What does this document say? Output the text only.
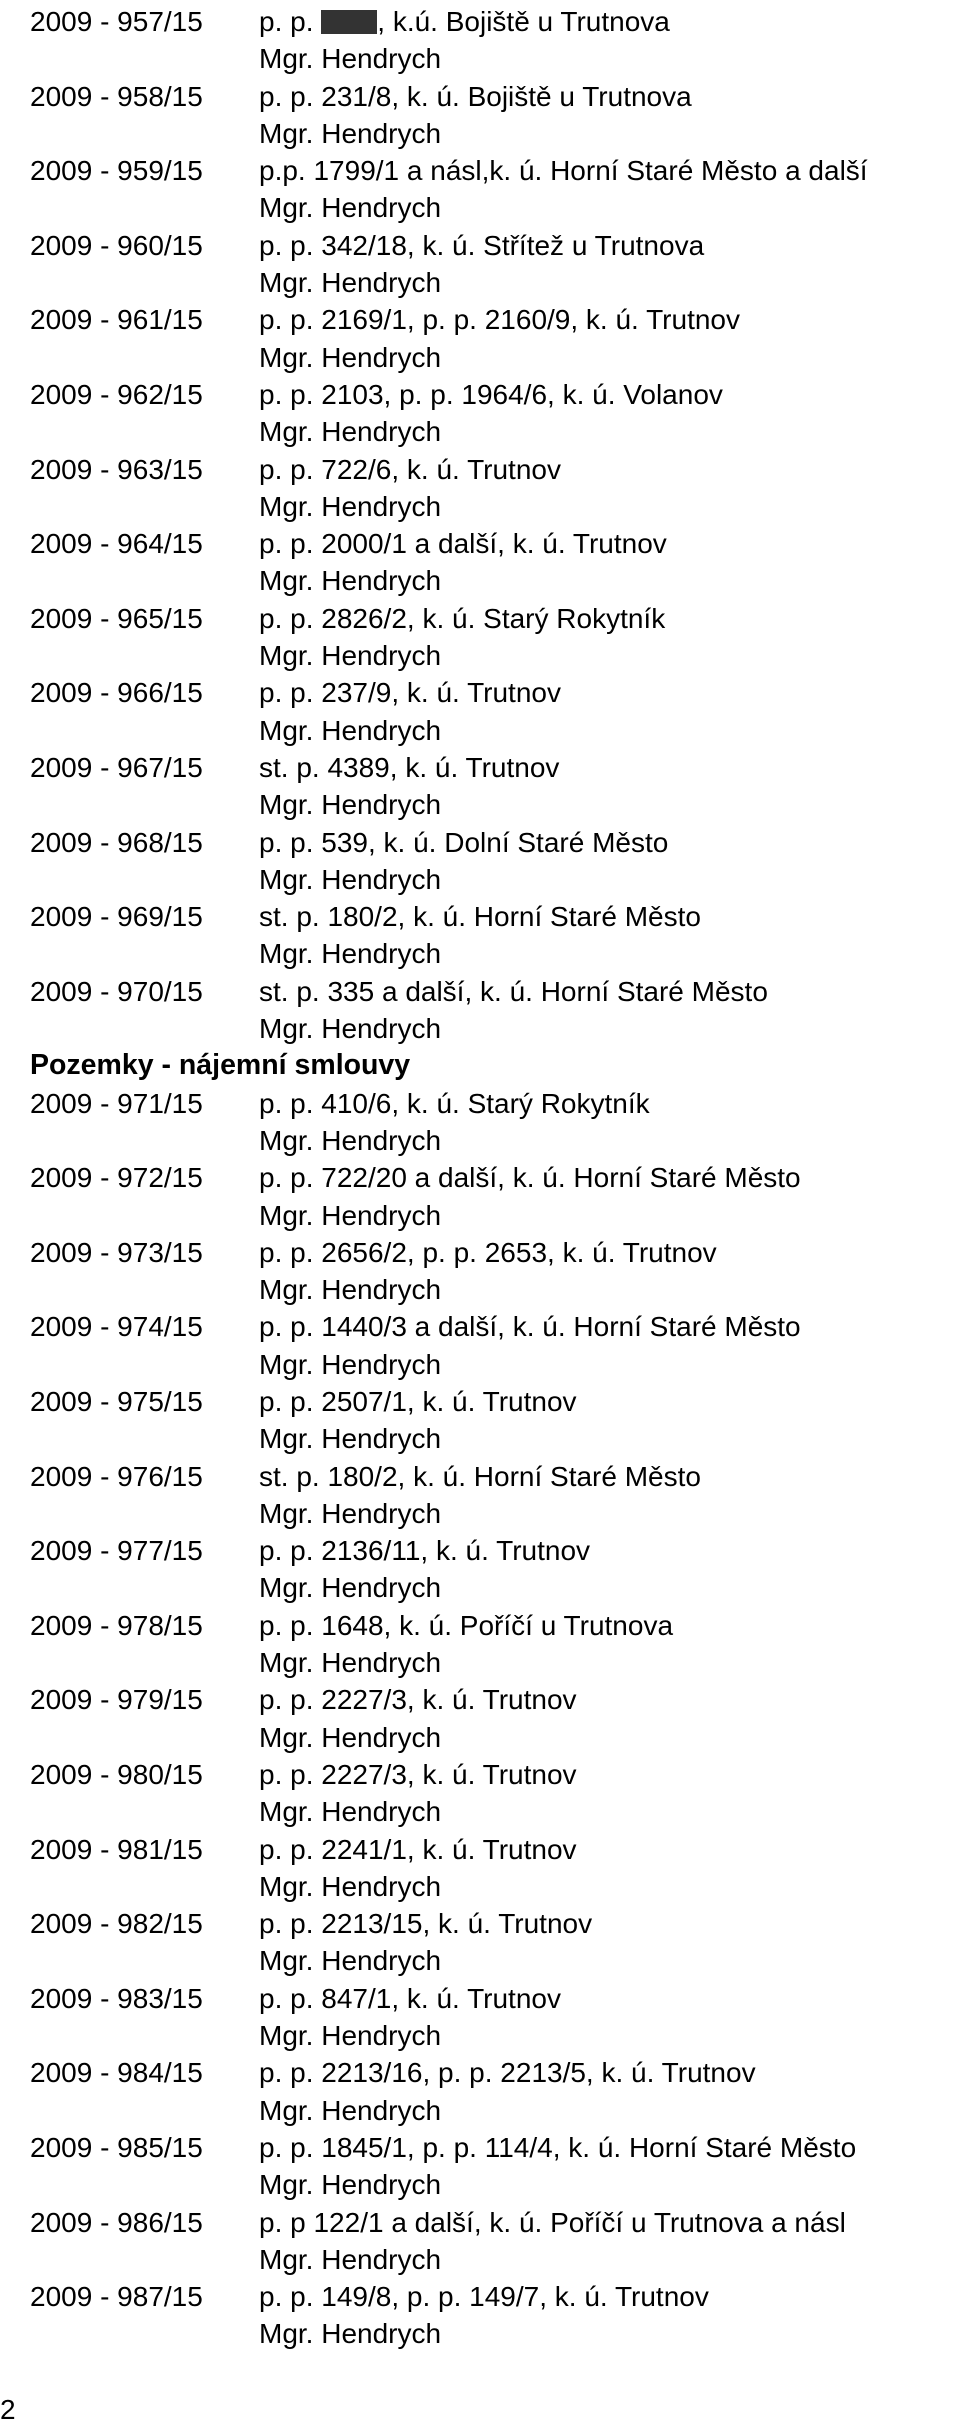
2009 - 957/15	p. p. , k.ú. Bojiště u Trutnova
Mgr. Hendrych
2009 - 958/15	p. p. 231/8, k. ú. Bojiště u Trutnova
Mgr. Hendrych
2009 - 959/15	p.p. 1799/1 a násl,k. ú. Horní Staré Město a další
Mgr. Hendrych
2009 - 960/15	p. p. 342/18, k. ú. Střítež u Trutnova
Mgr. Hendrych
2009 - 961/15	p. p. 2169/1, p. p. 2160/9, k. ú. Trutnov
Mgr. Hendrych
2009 - 962/15	p. p. 2103, p. p. 1964/6, k. ú. Volanov
Mgr. Hendrych
2009 - 963/15	p. p. 722/6, k. ú. Trutnov
Mgr. Hendrych
2009 - 964/15	p. p. 2000/1 a další, k. ú. Trutnov
Mgr. Hendrych
2009 - 965/15	p. p. 2826/2, k. ú. Starý Rokytník
Mgr. Hendrych
2009 - 966/15	p. p. 237/9, k. ú. Trutnov
Mgr. Hendrych
2009 - 967/15	st. p. 4389, k. ú. Trutnov
Mgr. Hendrych
2009 - 968/15	p. p. 539, k. ú. Dolní Staré Město
Mgr. Hendrych
2009 - 969/15	st. p. 180/2, k. ú. Horní Staré Město
Mgr. Hendrych
2009 - 970/15	st. p. 335 a další, k. ú. Horní Staré Město
Mgr. Hendrych
Pozemky - nájemní smlouvy
2009 - 971/15	p. p. 410/6, k. ú. Starý Rokytník
Mgr. Hendrych
2009 - 972/15	p. p. 722/20 a další, k. ú. Horní Staré Město
Mgr. Hendrych
2009 - 973/15	p. p. 2656/2, p. p. 2653, k. ú. Trutnov
Mgr. Hendrych
2009 - 974/15	p. p. 1440/3 a další, k. ú. Horní Staré Město
Mgr. Hendrych
2009 - 975/15	p. p. 2507/1, k. ú. Trutnov
Mgr. Hendrych
2009 - 976/15	st. p. 180/2, k. ú. Horní Staré Město
Mgr. Hendrych
2009 - 977/15	p. p. 2136/11, k. ú. Trutnov
Mgr. Hendrych
2009 - 978/15	p. p. 1648, k. ú. Poříčí u Trutnova
Mgr. Hendrych
2009 - 979/15	p. p. 2227/3, k. ú. Trutnov
Mgr. Hendrych
2009 - 980/15	p. p. 2227/3, k. ú. Trutnov
Mgr. Hendrych
2009 - 981/15	p. p. 2241/1, k. ú. Trutnov
Mgr. Hendrych
2009 - 982/15	p. p. 2213/15, k. ú. Trutnov
Mgr. Hendrych
2009 - 983/15	p. p. 847/1, k. ú. Trutnov
Mgr. Hendrych
2009 - 984/15	p. p. 2213/16, p. p. 2213/5, k. ú. Trutnov
Mgr. Hendrych
2009 - 985/15	p. p. 1845/1, p. p. 114/4, k. ú. Horní Staré Město
Mgr. Hendrych
2009 - 986/15	p. p 122/1 a další, k. ú. Poříčí u Trutnova a násl
Mgr. Hendrych
2009 - 987/15	p. p. 149/8, p. p. 149/7, k. ú. Trutnov
Mgr. Hendrych
2
